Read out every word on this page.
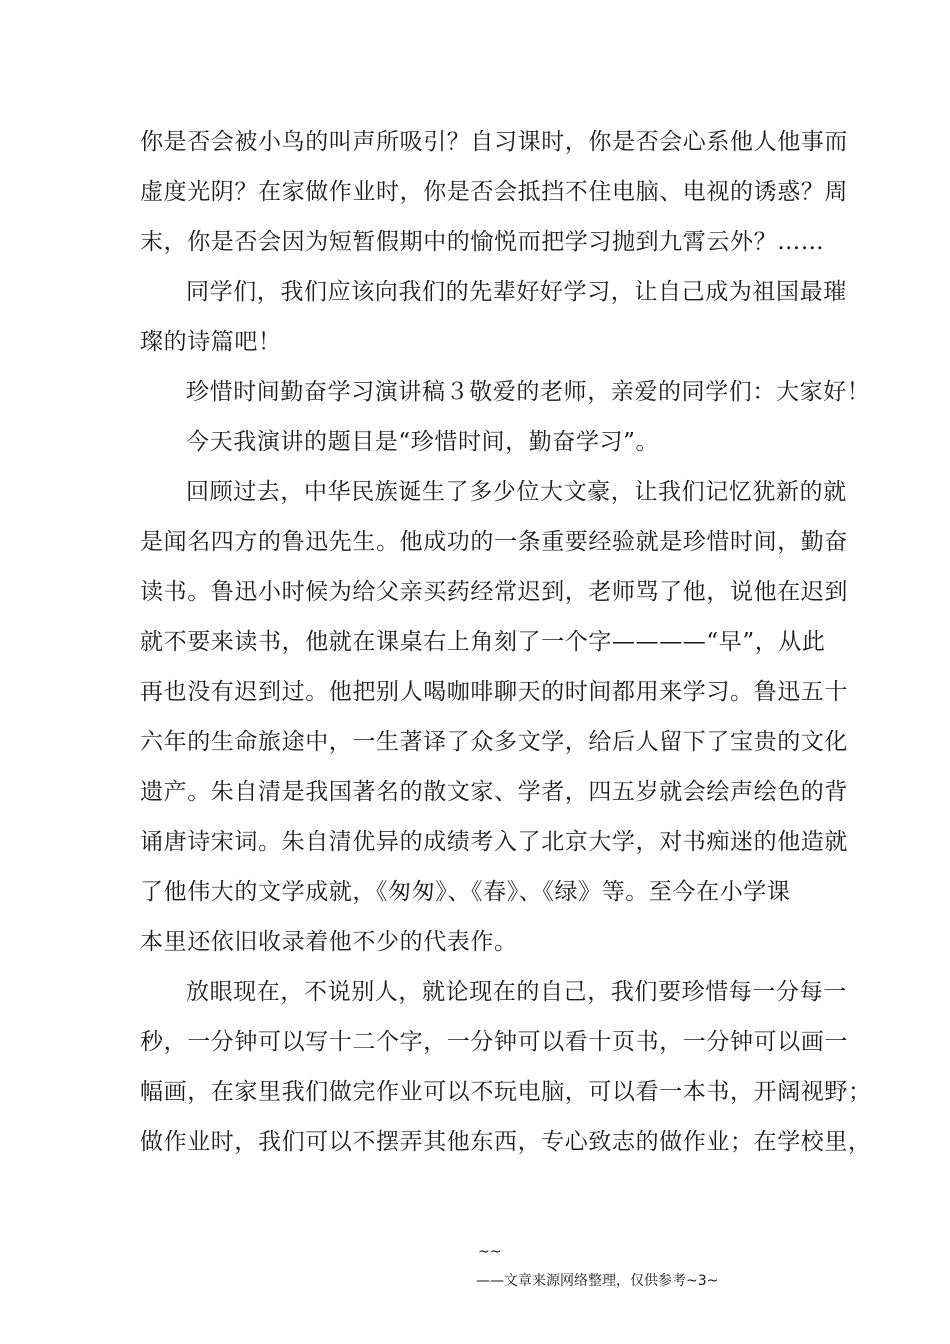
你是否会被小鸟的叫声所吸引？自习课时，你是否会心系他人他事而
虚度光阴？在家做作业时，你是否会抵挡不住电脑、电视的诱惑？周
末，你是否会因为短暂假期中的愉悦而把学习抛到九霄云外？……
同学们，我们应该向我们的先辈好好学习，让自己成为祖国最璀
璨的诗篇吧！
珍惜时间勤奋学习演讲稿３敬爱的老师，亲爱的同学们：大家好！
今天我演讲的题目是“珍惜时间，勤奋学习”。
回顾过去，中华民族诞生了多少位大文豪，让我们记忆犹新的就
是闻名四方的鲁迅先生。他成功的一条重要经验就是珍惜时间，勤奋
读书。鲁迅小时候为给父亲买药经常迟到，老师骂了他，说他在迟到
就不要来读书，他就在课桌右上角刻了一个字————“早”，从此
再也没有迟到过。他把别人喝咖啡聊天的时间都用来学习。鲁迅五十
六年的生命旅途中，一生著译了众多文学，给后人留下了宝贵的文化
遗产。朱自清是我国著名的散文家、学者，四五岁就会绘声绘色的背
诵唐诗宋词。朱自清优异的成绩考入了北京大学，对书痴迷的他造就
了他伟大的文学成就，《匆匆》、《春》、《绿》等。至今在小学课
本里还依旧收录着他不少的代表作。
放眼现在，不说别人，就论现在的自己，我们要珍惜每一分每一
秒，一分钟可以写十二个字，一分钟可以看十页书，一分钟可以画一
幅画，在家里我们做完作业可以不玩电脑，可以看一本书，开阔视野；
做作业时，我们可以不摆弄其他东西，专心致志的做作业；在学校里，
~~
——文章来源网络整理，仅供参考~3~
